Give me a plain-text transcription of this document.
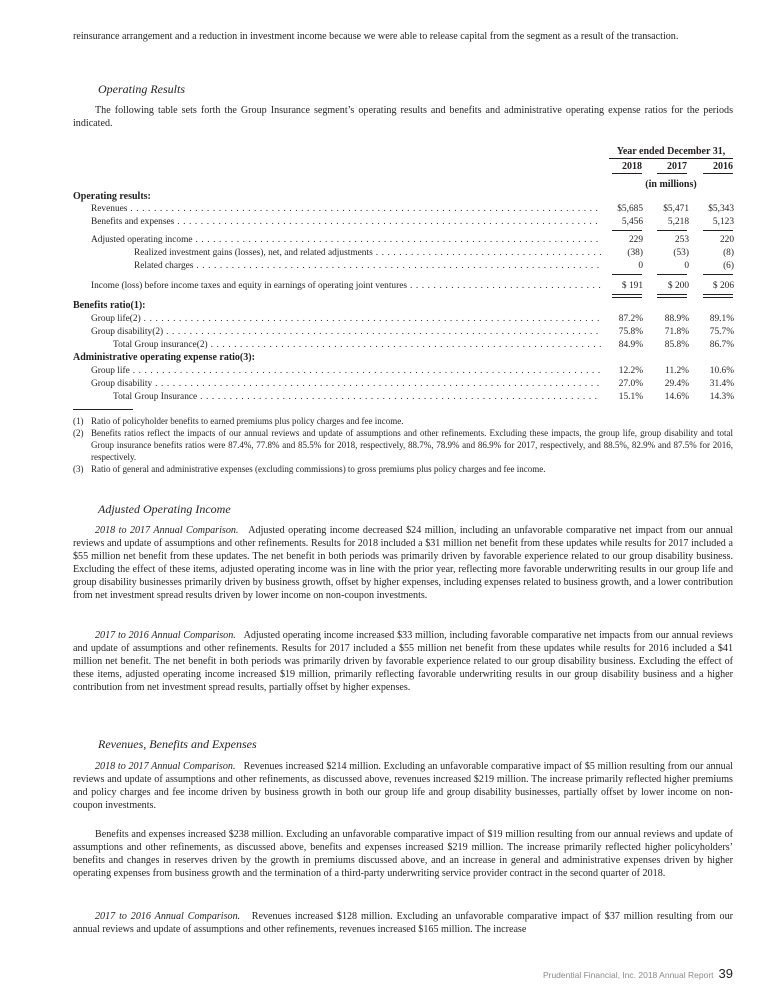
reinsurance arrangement and a reduction in investment income because we were able to release capital from the segment as a result of the transaction.

Operating Results

The following table sets forth the Group Insurance segment’s operating results and benefits and administrative operating expense ratios for the periods indicated.

Year ended December 31,
2018	2017	2016
(in millions)
Operating results:
Revenues . . .	$5,685	$5,471	$5,343
Benefits and expenses . . .	5,456	5,218	5,123
Adjusted operating income . . .	229	253	220
Realized investment gains (losses), net, and related adjustments . . .	(38)	(53)	(8)
Related charges . . .	0	0	(6)
Income (loss) before income taxes and equity in earnings of operating joint ventures . . .	$ 191	$ 200	$ 206
Benefits ratio(1):
Group life(2) . . .	87.2%	88.9%	89.1%
Group disability(2) . . .	75.8%	71.8%	75.7%
Total Group insurance(2) . . .	84.9%	85.8%	86.7%
Administrative operating expense ratio(3):
Group life . . .	12.2%	11.2%	10.6%
Group disability . . .	27.0%	29.4%	31.4%
Total Group Insurance . . .	15.1%	14.6%	14.3%
(1) Ratio of policyholder benefits to earned premiums plus policy charges and fee income.
(2) Benefits ratios reflect the impacts of our annual reviews and update of assumptions and other refinements. Excluding these impacts, the group life, group disability and total Group insurance benefits ratios were 87.4%, 77.8% and 85.5% for 2018, respectively, 88.7%, 78.9% and 86.9% for 2017, respectively, and 88.5%, 82.9% and 87.5% for 2016, respectively.
(3) Ratio of general and administrative expenses (excluding commissions) to gross premiums plus policy charges and fee income.

Adjusted Operating Income

2018 to 2017 Annual Comparison. Adjusted operating income decreased $24 million, including an unfavorable comparative net impact from our annual reviews and update of assumptions and other refinements. Results for 2018 included a $31 million net benefit from these updates while results for 2017 included a $55 million net benefit from these updates. The net benefit in both periods was primarily driven by favorable experience related to our group disability business. Excluding the effect of these items, adjusted operating income was in line with the prior year, reflecting more favorable underwriting results in our group life and group disability businesses primarily driven by business growth, offset by higher expenses, including expenses related to business growth, and a lower contribution from net investment spread results driven by lower income on non-coupon investments.

2017 to 2016 Annual Comparison. Adjusted operating income increased $33 million, including favorable comparative net impacts from our annual reviews and update of assumptions and other refinements. Results for 2017 included a $55 million net benefit from these updates while results for 2016 included a $41 million net benefit. The net benefit in both periods was primarily driven by favorable experience related to our group disability business. Excluding the effect of these items, adjusted operating income increased $19 million, primarily reflecting favorable underwriting results in our group disability business and a higher contribution from net investment spread results, partially offset by higher expenses.

Revenues, Benefits and Expenses

2018 to 2017 Annual Comparison. Revenues increased $214 million. Excluding an unfavorable comparative impact of $5 million resulting from our annual reviews and update of assumptions and other refinements, as discussed above, revenues increased $219 million. The increase primarily reflected higher premiums and policy charges and fee income driven by business growth in both our group life and group disability businesses, partially offset by lower income on non-coupon investments.

Benefits and expenses increased $238 million. Excluding an unfavorable comparative impact of $19 million resulting from our annual reviews and update of assumptions and other refinements, as discussed above, benefits and expenses increased $219 million. The increase primarily reflected higher policyholders’ benefits and changes in reserves driven by the growth in premiums discussed above, and an increase in general and administrative expenses driven by higher operating expenses from business growth and the termination of a third-party underwriting service provider contract in the second quarter of 2018.

2017 to 2016 Annual Comparison. Revenues increased $128 million. Excluding an unfavorable comparative impact of $37 million resulting from our annual reviews and update of assumptions and other refinements, revenues increased $165 million. The increase

Prudential Financial, Inc. 2018 Annual Report 39
